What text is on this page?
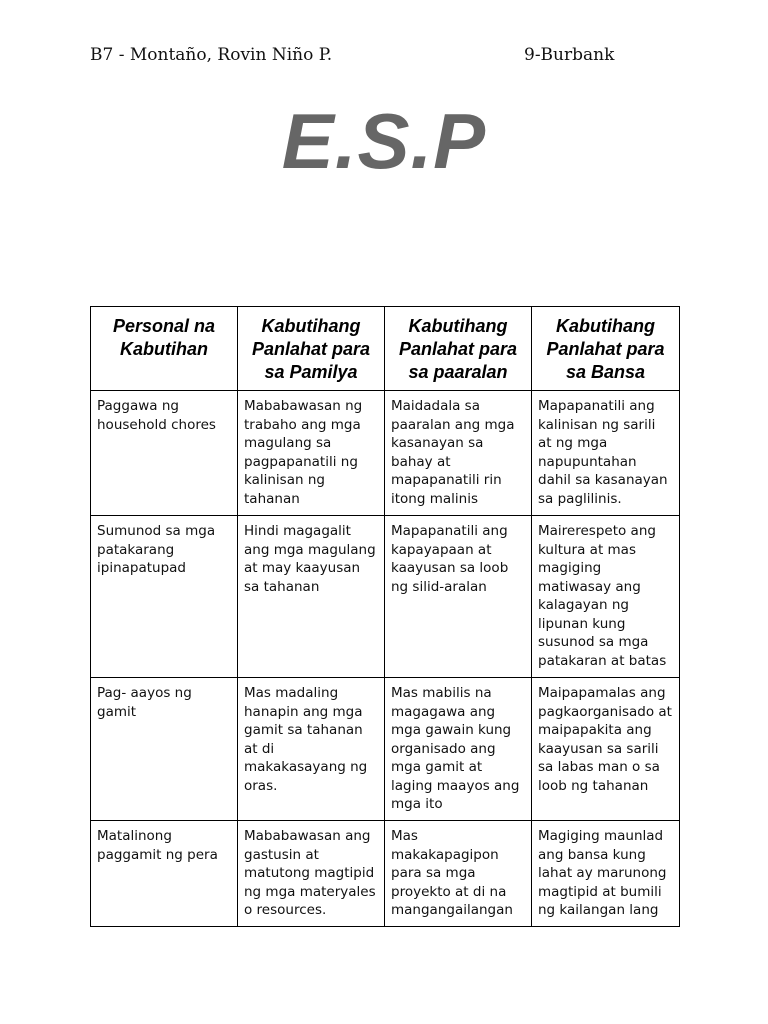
B7 - Montaño, Rovin Niño P.	9-Burbank
E.S.P
Personal na Kabutihan	Kabutihang Panlahat para sa Pamilya	Kabutihang Panlahat para sa paaralan	Kabutihang Panlahat para sa Bansa
Paggawa ng household chores	Mababawasan ng trabaho ang mga magulang sa pagpapanatili ng kalinisan ng tahanan	Maidadala sa paaralan ang mga kasanayan sa bahay at mapapanatili rin itong malinis	Mapapanatili ang kalinisan ng sarili at ng mga napupuntahan dahil sa kasanayan sa paglilinis.
Sumunod sa mga patakarang ipinapatupad	Hindi magagalit ang mga magulang at may kaayusan sa tahanan	Mapapanatili ang kapayapaan at kaayusan sa loob ng silid-aralan	Mairerespeto ang kultura at mas magiging matiwasay ang kalagayan ng lipunan kung susunod sa mga patakaran at batas
Pag- aayos ng gamit	Mas madaling hanapin ang mga gamit sa tahanan at di makakasayang ng oras.	Mas mabilis na magagawa ang mga gawain kung organisado ang mga gamit at laging maayos ang mga ito	Maipapamalas ang pagkaorganisado at maipapakita ang kaayusan sa sarili sa labas man o sa loob ng tahanan
Matalinong paggamit ng pera	Mababawasan ang gastusin at matutong magtipid ng mga materyales o resources.	Mas makakapagipon para sa mga proyekto at di na mangangailangan	Magiging maunlad ang bansa kung lahat ay marunong magtipid at bumili ng kailangan lang
